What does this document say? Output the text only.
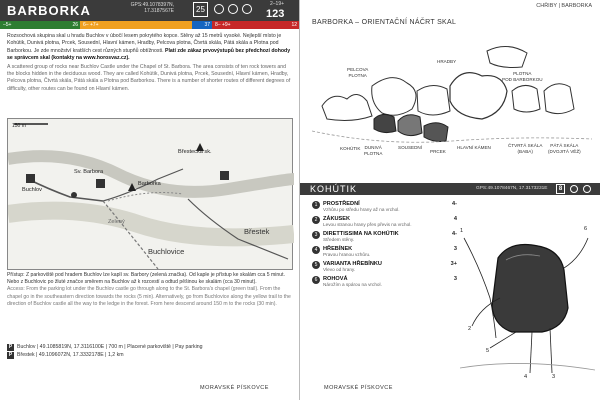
BARBORKA	GPS:49.1078397N,
17.3187567E	25
2–19+
123
–5+	26	6– +7+	37	8– +9+	12
Rozsochová skupina skal u hradu Buchlov v úbočí lesem pokrytého kopce. Stěny až 15 metrů vysoké. Nejlepší místo je Kohútik, Dunivá plotna, Prcek, Sousední, Hlavní kámen, Hradby, Pelcova plotna, Čtvrtá skála, Pátá skála a Plotna pod Barborkou. Je zde množství kratších cest různých stupňů obtížnosti. Platí zde zákaz prvovýstupů bez předchozí dohody se správcem skal (kontakty na www.horosvaz.cz).
A scattered group of rocks near Buchlov Castle under the Chapel of St. Barbora. The area consists of ten rock towers and the blocks hidden in the deciduous wood. They are called Kohútik, Dunivá plotna, Prcek, Sousední, Hlavní kámen, Hradby, Pelcova plotna, Čtvrtá skála, Pátá skála a Plotna pod Barborkou. There is a number of shorter routes of different degrees of difficulty, other routes can be found on Hlavní kámen.
150 m
Barborka
Břestecká sk.
Sv. Barbora
Buchlov
Břestek
Buchlovice
Zelený
Přístup: Z parkoviště pod hradem Buchlov lze kaplí sv. Barbory (zelená značka). Od kaple je přístup ke skalám cca 5 minut. Nebo z Buchlovic po žluté značce směrem na Buchlov až k rozcestí a odtud pěšinou ke skalám (cca 30 minut).
Access: From the parking lot under the Buchlov castle go through along to the St. Barbora's chapel (green trail). From the chapel go in the southeastern direction towards the rocks (5 min). Alternatively, go from Buchlovice along the yellow trail to the direction of Buchlov castle all the way to the ledge in the forest. From here descend around 150 m to the rocks (30 min).
P Buchlov | 49.1085819N, 17.3116100E | 700 m | Placené parkoviště | Pay parking
P Břestek | 49.1096072N, 17.3332178E | 1,2 km
MORAVSKÉ PÍSKOVCE
CHŘIBY | BARBORKA
BARBORKA – ORIENTAČNÍ NÁČRT SKAL
PELCOVA
PLOTNA	PLOTNA
POD BARBORKOU
HRADBY
KOHÚTIK DUNIVÁ
PLOTNA
SOUSEDNÍ
PRCEK
HLAVNÍ KÁMEN	ČTVRTÁ SKÁLA
(BABA)
PÁTÁ SKÁLA
(DVOJITÁ VĚŽ)
KOHÚTIK	GPS:49.1078467N, 17.3173231E	8
1	PROSTŘEDNÍ	4-
Vzhůru po středu hrany až na vrchol.
2	ZÁKUSEK	4
Levou stranou hrany přes převis na vrchol.
3	DIRETTISSIMA NA KOHÚTIK	4-
Středem stěny.
4	HŘEBÍNEK	3
Pravou hranou vzhůru.
5	VARIANTA HŘEBÍNKU	3+
Vlevo od hrany.
6	ROHOVÁ	3
Nárožím a spárou na vrchol.
1
2
3
4
5
6
MORAVSKÉ PÍSKOVCE
